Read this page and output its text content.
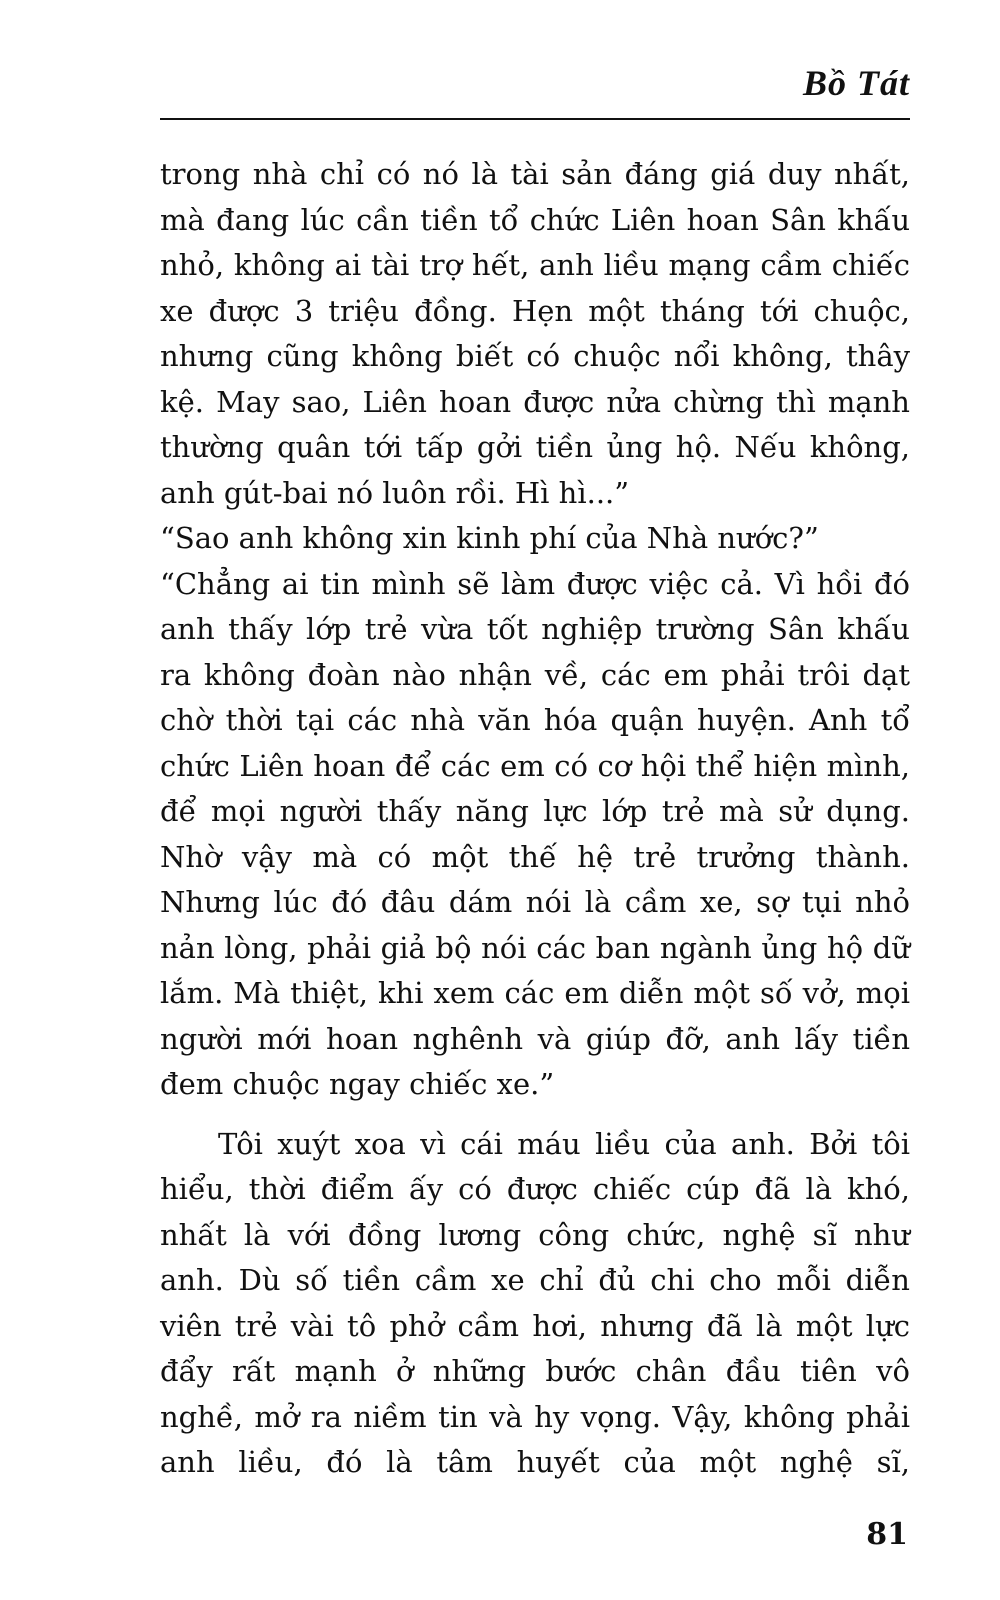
Bồ Tát

trong nhà chỉ có nó là tài sản đáng giá duy nhất, mà đang lúc cần tiền tổ chức Liên hoan Sân khấu nhỏ, không ai tài trợ hết, anh liều mạng cầm chiếc xe được 3 triệu đồng. Hẹn một tháng tới chuộc, nhưng cũng không biết có chuộc nổi không, thây kệ. May sao, Liên hoan được nửa chừng thì mạnh thường quân tới tấp gởi tiền ủng hộ. Nếu không, anh gút-bai nó luôn rồi. Hì hì...”

“Sao anh không xin kinh phí của Nhà nước?”

“Chẳng ai tin mình sẽ làm được việc cả. Vì hồi đó anh thấy lớp trẻ vừa tốt nghiệp trường Sân khấu ra không đoàn nào nhận về, các em phải trôi dạt chờ thời tại các nhà văn hóa quận huyện. Anh tổ chức Liên hoan để các em có cơ hội thể hiện mình, để mọi người thấy năng lực lớp trẻ mà sử dụng. Nhờ vậy mà có một thế hệ trẻ trưởng thành. Nhưng lúc đó đâu dám nói là cầm xe, sợ tụi nhỏ nản lòng, phải giả bộ nói các ban ngành ủng hộ dữ lắm. Mà thiệt, khi xem các em diễn một số vở, mọi người mới hoan nghênh và giúp đỡ, anh lấy tiền đem chuộc ngay chiếc xe.”

Tôi xuýt xoa vì cái máu liều của anh. Bởi tôi hiểu, thời điểm ấy có được chiếc cúp đã là khó, nhất là với đồng lương công chức, nghệ sĩ như anh. Dù số tiền cầm xe chỉ đủ chi cho mỗi diễn viên trẻ vài tô phở cầm hơi, nhưng đã là một lực đẩy rất mạnh ở những bước chân đầu tiên vô nghề, mở ra niềm tin và hy vọng. Vậy, không phải anh liều, đó là tâm huyết của một nghệ sĩ,

81
